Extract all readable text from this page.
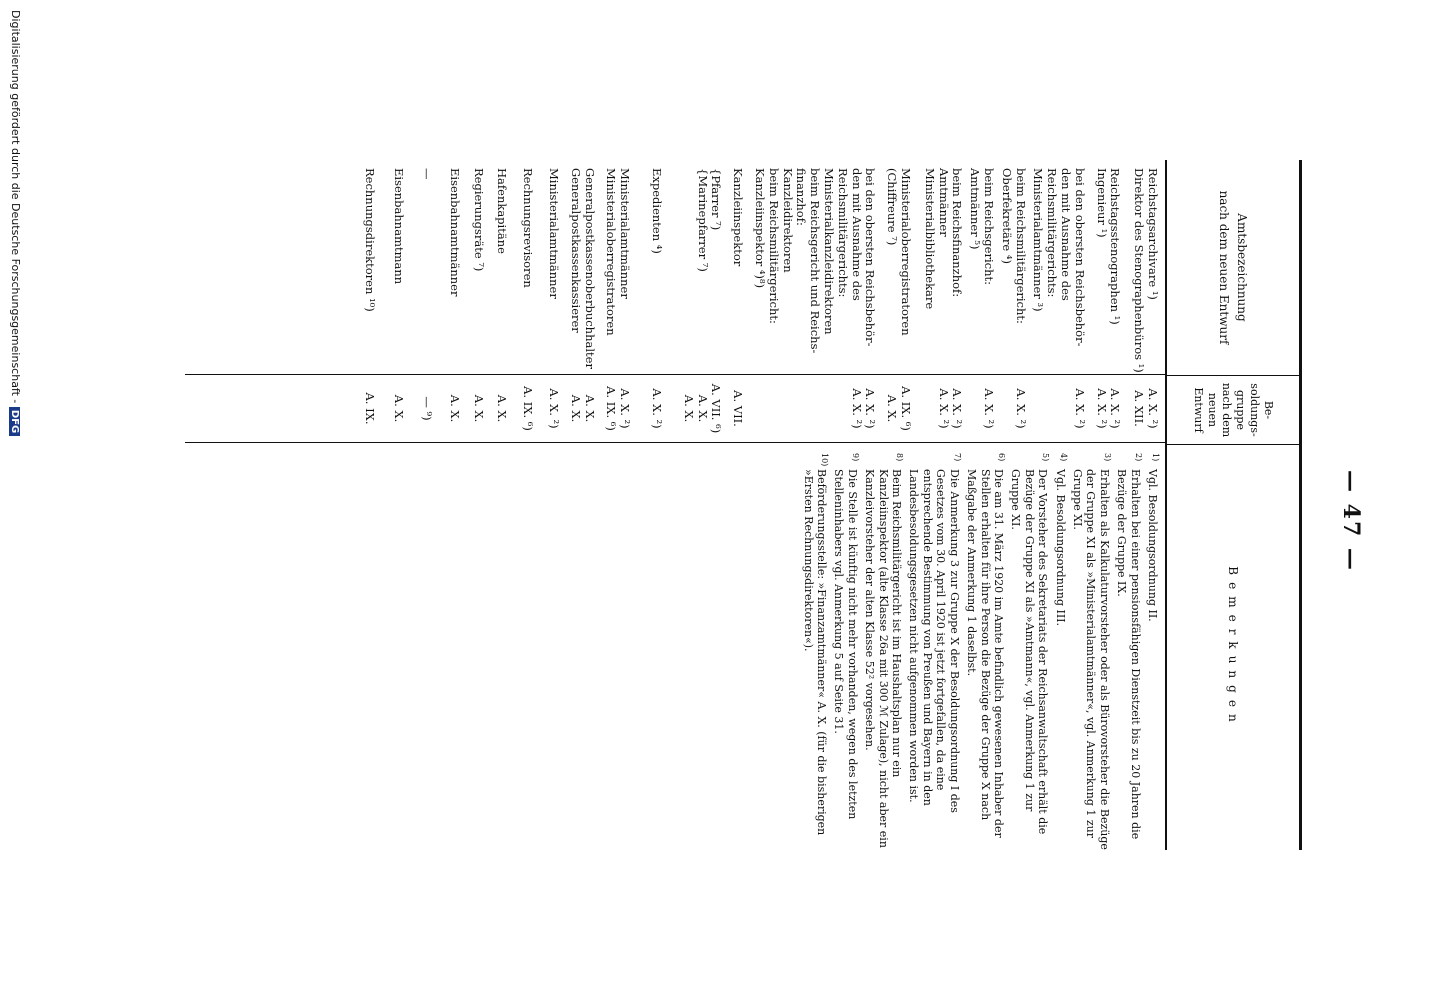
— 47 —
Amtsbezeichnung
nach dem neuen Entwurf
Be-
soldungs-
gruppe
nach dem
neuen
Entwurf
Bemerkungen
Reichstagsarchivare ¹)
Direktor des Stenographenbüros ¹)
Reichstagsstenographen ¹)
Ingenieur ¹)
bei den obersten Reichsbehör-
den mit Ausnahme des
Reichsmilitärgerichts:
Ministerialamtmänner ³)
beim Reichsmilitärgericht:
Oberfekretäre ⁴)
beim Reichsgericht:
Amtmänner ⁵)
beim Reichsfinanzhof:
Amtmänner
Ministerialbibliothekare
Ministerialoberregistratoren
(Chiffreure ⁷)
bei den obersten Reichsbehör-
den mit Ausnahme des
Reichsmilitärgerichts:
Ministerialkanzleidirektoren
beim Reichsgericht und Reichs-
finanzhof:
Kanzleidirektoren
beim Reichsmilitärgericht:
Kanzleiinspektor ⁴)⁸)
Kanzleiinspektor
{Pfarrer ⁷)
{Marinepfarrer ⁷)
Expedienten ⁴)
Ministerialamtmänner
Ministerialoberregistratoren
Generalpostkassenoberbuchhalter
Generalpostkassenkassierer
Ministerialamtmänner
Rechnungsrevisoren
Hafenkapitäne
Regierungsräte ⁷)
Eisenbahnamtmänner
—
Eisenbahnamtmann
Rechnungsdirektoren ¹⁰)
A. X. ²)
A. XII.
A. X. ²)
A. X. ²)
A. X. ²)
A. X. ²)
A. X. ²)
A. X. ²)
A. X. ²)
A. IX. ⁶)
A. X.
A. X. ²)
A. X. ²)
A. VII.
A. VII. ⁶)
A. X.
A. X.
A. X. ²)
A. X. ²)
A. IX. ⁶)
A. X.
A. X.
A. X. ²)
A. IX. ⁶)
A. X.
A. X.
A. X.
— ⁹)
A. X.
A. IX.
1)
Vgl. Besoldungsordnung II.
2)
Erhalten bei einer pensionsfähigen Dienstzeit bis zu 20 Jahren die Bezüge der Gruppe IX.
3)
Erhalten als Kalkulaturvorsteher oder als Bürovorsteher die Bezüge der Gruppe XI als »Ministerialamtmänner«, vgl. Anmerkung 1 zur Gruppe XI.
4)
Vgl. Besoldungsordnung III.
5)
Der Vorsteher des Sekretariats der Reichsanwaltschaft erhält die Bezüge der Gruppe XI als »Amtmann«, vgl. Anmerkung 1 zur Gruppe XI.
6)
Die am 31. März 1920 im Amte befindlich gewesenen Inhaber der Stellen erhalten für ihre Person die Bezüge der Gruppe X nach Maßgabe der Anmerkung 1 daselbst.
7)
Die Anmerkung 3 zur Gruppe X der Besoldungsordnung I des Gesetzes vom 30. April 1920 ist jetzt fortgefallen, da eine entsprechende Bestimmung von Preußen und Bayern in den Landesbesoldungsgesetzen nicht aufgenommen worden ist.
8)
Beim Reichsmilitärgericht ist im Haushaltsplan nur ein Kanzleiinspektor (alte Klasse 26a mit 300 ℳ Zulage), nicht aber ein Kanzleivorsteher der alten Klasse 52² vorgesehen.
9)
Die Stelle ist künftig nicht mehr vorhanden, wegen des letzten Stelleninhabers vgl. Anmerkung 5 auf Seite 31.
10)
Beförderungsstelle: »Finanzamtmänner« A. X. (für die bisherigen »Ersten Rechnungsdirektoren«).
Digitalisierung gefördert durch die Deutsche Forschungsgemeinschaft - DFG
